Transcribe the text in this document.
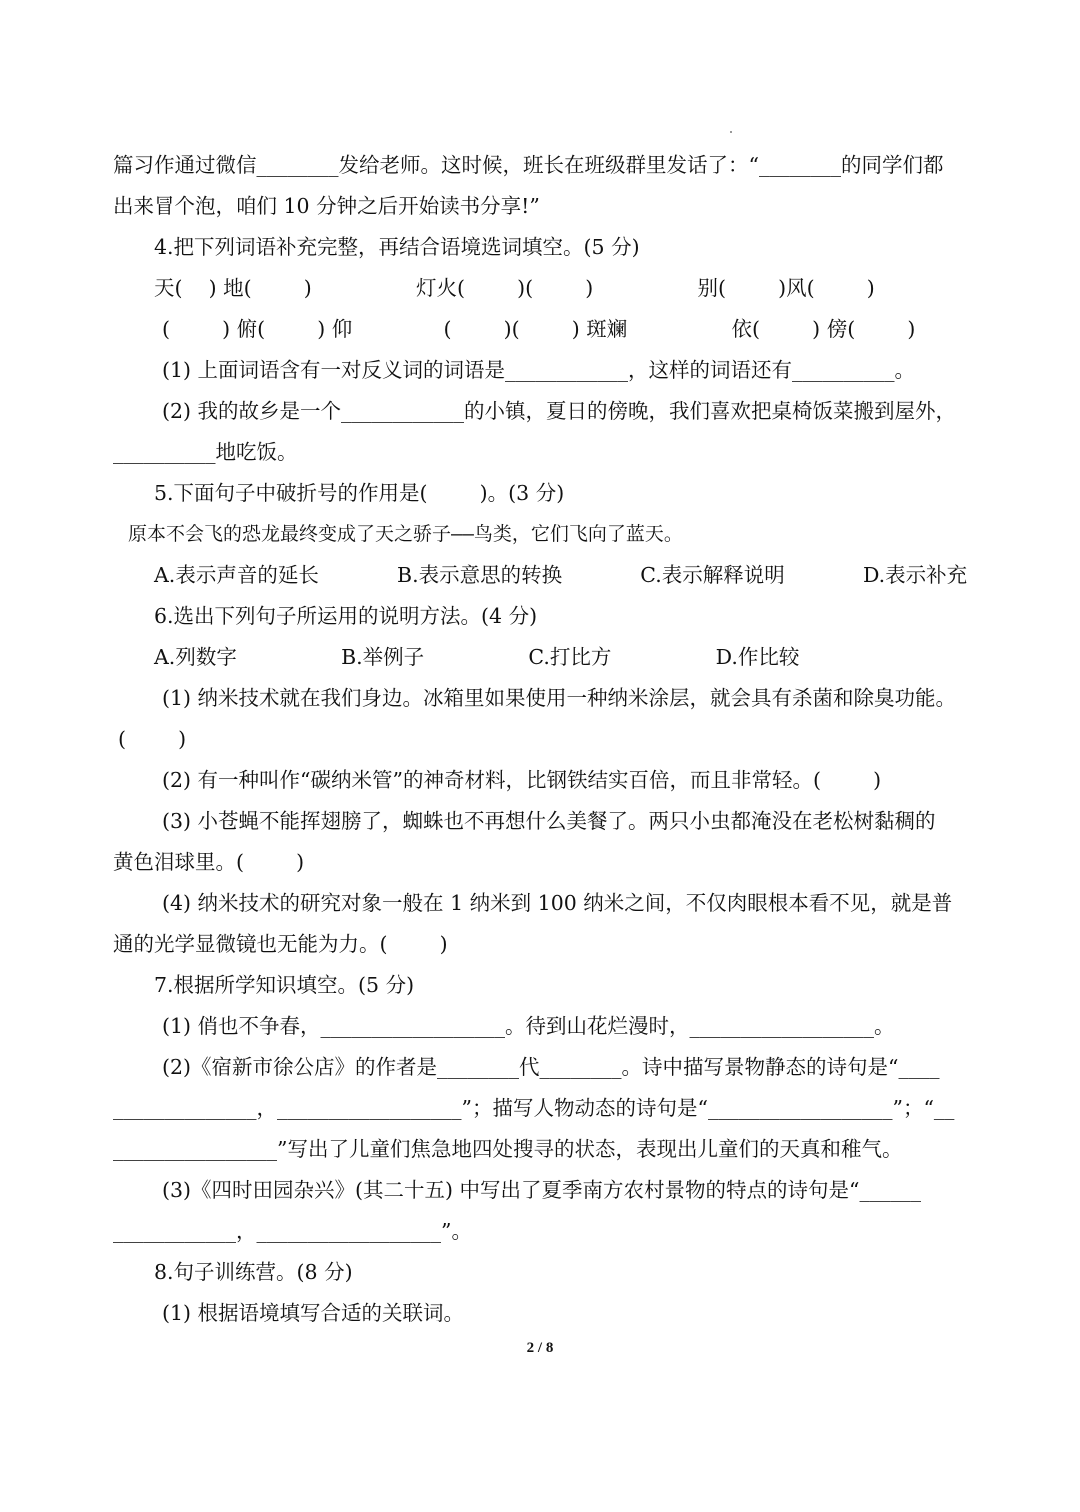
篇习作通过微信________发给老师。这时候，班长在班级群里发话了：“________的同学们都

出来冒个泡，咱们 10 分钟之后开始读书分享!”

4.把下列词语补充完整，再结合语境选词填空。(5 分)

天(    ) 地(        )                灯火(        )(        )                别(        )风(        )

(        ) 俯(        ) 仰              (        )(        ) 斑斓                依(        ) 傍(        )

(1) 上面词语含有一对反义词的词语是____________，这样的词语还有__________。

(2) 我的故乡是一个____________的小镇，夏日的傍晚，我们喜欢把桌椅饭菜搬到屋外，

__________地吃饭。

5.下面句子中破折号的作用是(        )。(3 分)

原本不会飞的恐龙最终变成了天之骄子——鸟类，它们飞向了蓝天。

A.表示声音的延长            B.表示意思的转换            C.表示解释说明            D.表示补充

6.选出下列句子所运用的说明方法。(4 分)

A.列数字                B.举例子                C.打比方                D.作比较

(1) 纳米技术就在我们身边。冰箱里如果使用一种纳米涂层，就会具有杀菌和除臭功能。

(        )

(2) 有一种叫作“碳纳米管”的神奇材料，比钢铁结实百倍，而且非常轻。(        )

(3) 小苍蝇不能挥翅膀了，蜘蛛也不再想什么美餐了。两只小虫都淹没在老松树黏稠的

黄色泪球里。(        )

(4) 纳米技术的研究对象一般在 1 纳米到 100 纳米之间，不仅肉眼根本看不见，就是普

通的光学显微镜也无能为力。(        )

7.根据所学知识填空。(5 分)

(1) 俏也不争春，__________________。待到山花烂漫时，__________________。

(2)《宿新市徐公店》的作者是________代________。诗中描写景物静态的诗句是“____

______________，__________________”；描写人物动态的诗句是“__________________”；“__

________________”写出了儿童们焦急地四处搜寻的状态，表现出儿童们的天真和稚气。

(3)《四时田园杂兴》(其二十五) 中写出了夏季南方农村景物的特点的诗句是“______

____________，__________________”。

8.句子训练营。(8 分)

(1) 根据语境填写合适的关联词。

2 / 8
